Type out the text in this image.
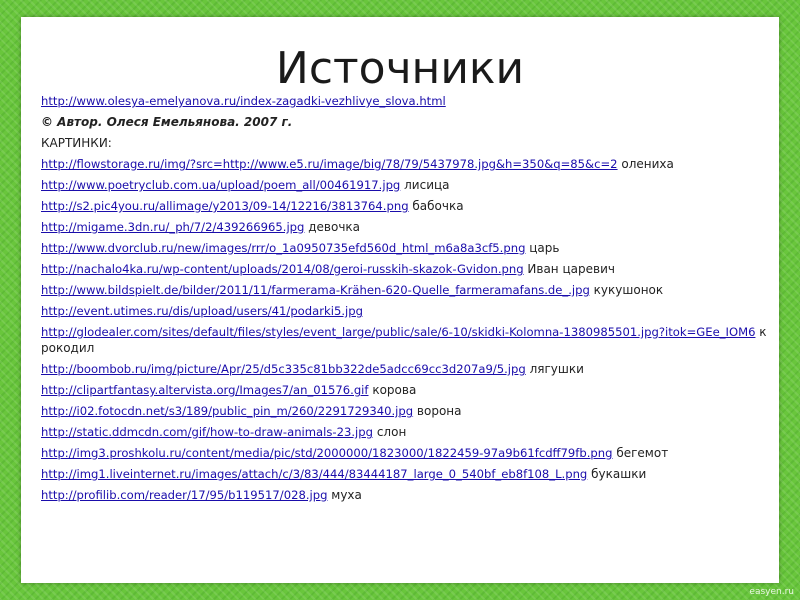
Источники
http://www.olesya-emelyanova.ru/index-zagadki-vezhlivye_slova.html
© Автор. Олеся Емельянова. 2007 г.
КАРТИНКИ:
http://flowstorage.ru/img/?src=http://www.e5.ru/image/big/78/79/5437978.jpg&h=350&q=85&c=2 олениха
http://www.poetryclub.com.ua/upload/poem_all/00461917.jpg лисица
http://s2.pic4you.ru/allimage/y2013/09-14/12216/3813764.png бабочка
http://migame.3dn.ru/_ph/7/2/439266965.jpg девочка
http://www.dvorclub.ru/new/images/rrr/o_1a0950735efd560d_html_m6a8a3cf5.png царь
http://nachalo4ka.ru/wp-content/uploads/2014/08/geroi-russkih-skazok-Gvidon.png Иван царевич
http://www.bildspielt.de/bilder/2011/11/farmerama-Krähen-620-Quelle_farmeramafans.de_.jpg кукушонок
http://event.utimes.ru/dis/upload/users/41/podarki5.jpg
http://glodealer.com/sites/default/files/styles/event_large/public/sale/6-10/skidki-Kolomna-1380985501.jpg?itok=GEe_IOM6 крокодил
http://boombob.ru/img/picture/Apr/25/d5c335c81bb322de5adcc69cc3d207a9/5.jpg лягушки
http://clipartfantasy.altervista.org/Images7/an_01576.gif корова
http://i02.fotocdn.net/s3/189/public_pin_m/260/2291729340.jpg ворона
http://static.ddmcdn.com/gif/how-to-draw-animals-23.jpg слон
http://img3.proshkolu.ru/content/media/pic/std/2000000/1823000/1822459-97a9b61fcdff79fb.png бегемот
http://img1.liveinternet.ru/images/attach/c/3/83/444/83444187_large_0_540bf_eb8f108_L.png букашки
http://profilib.com/reader/17/95/b119517/028.jpg муха
easyen.ru
